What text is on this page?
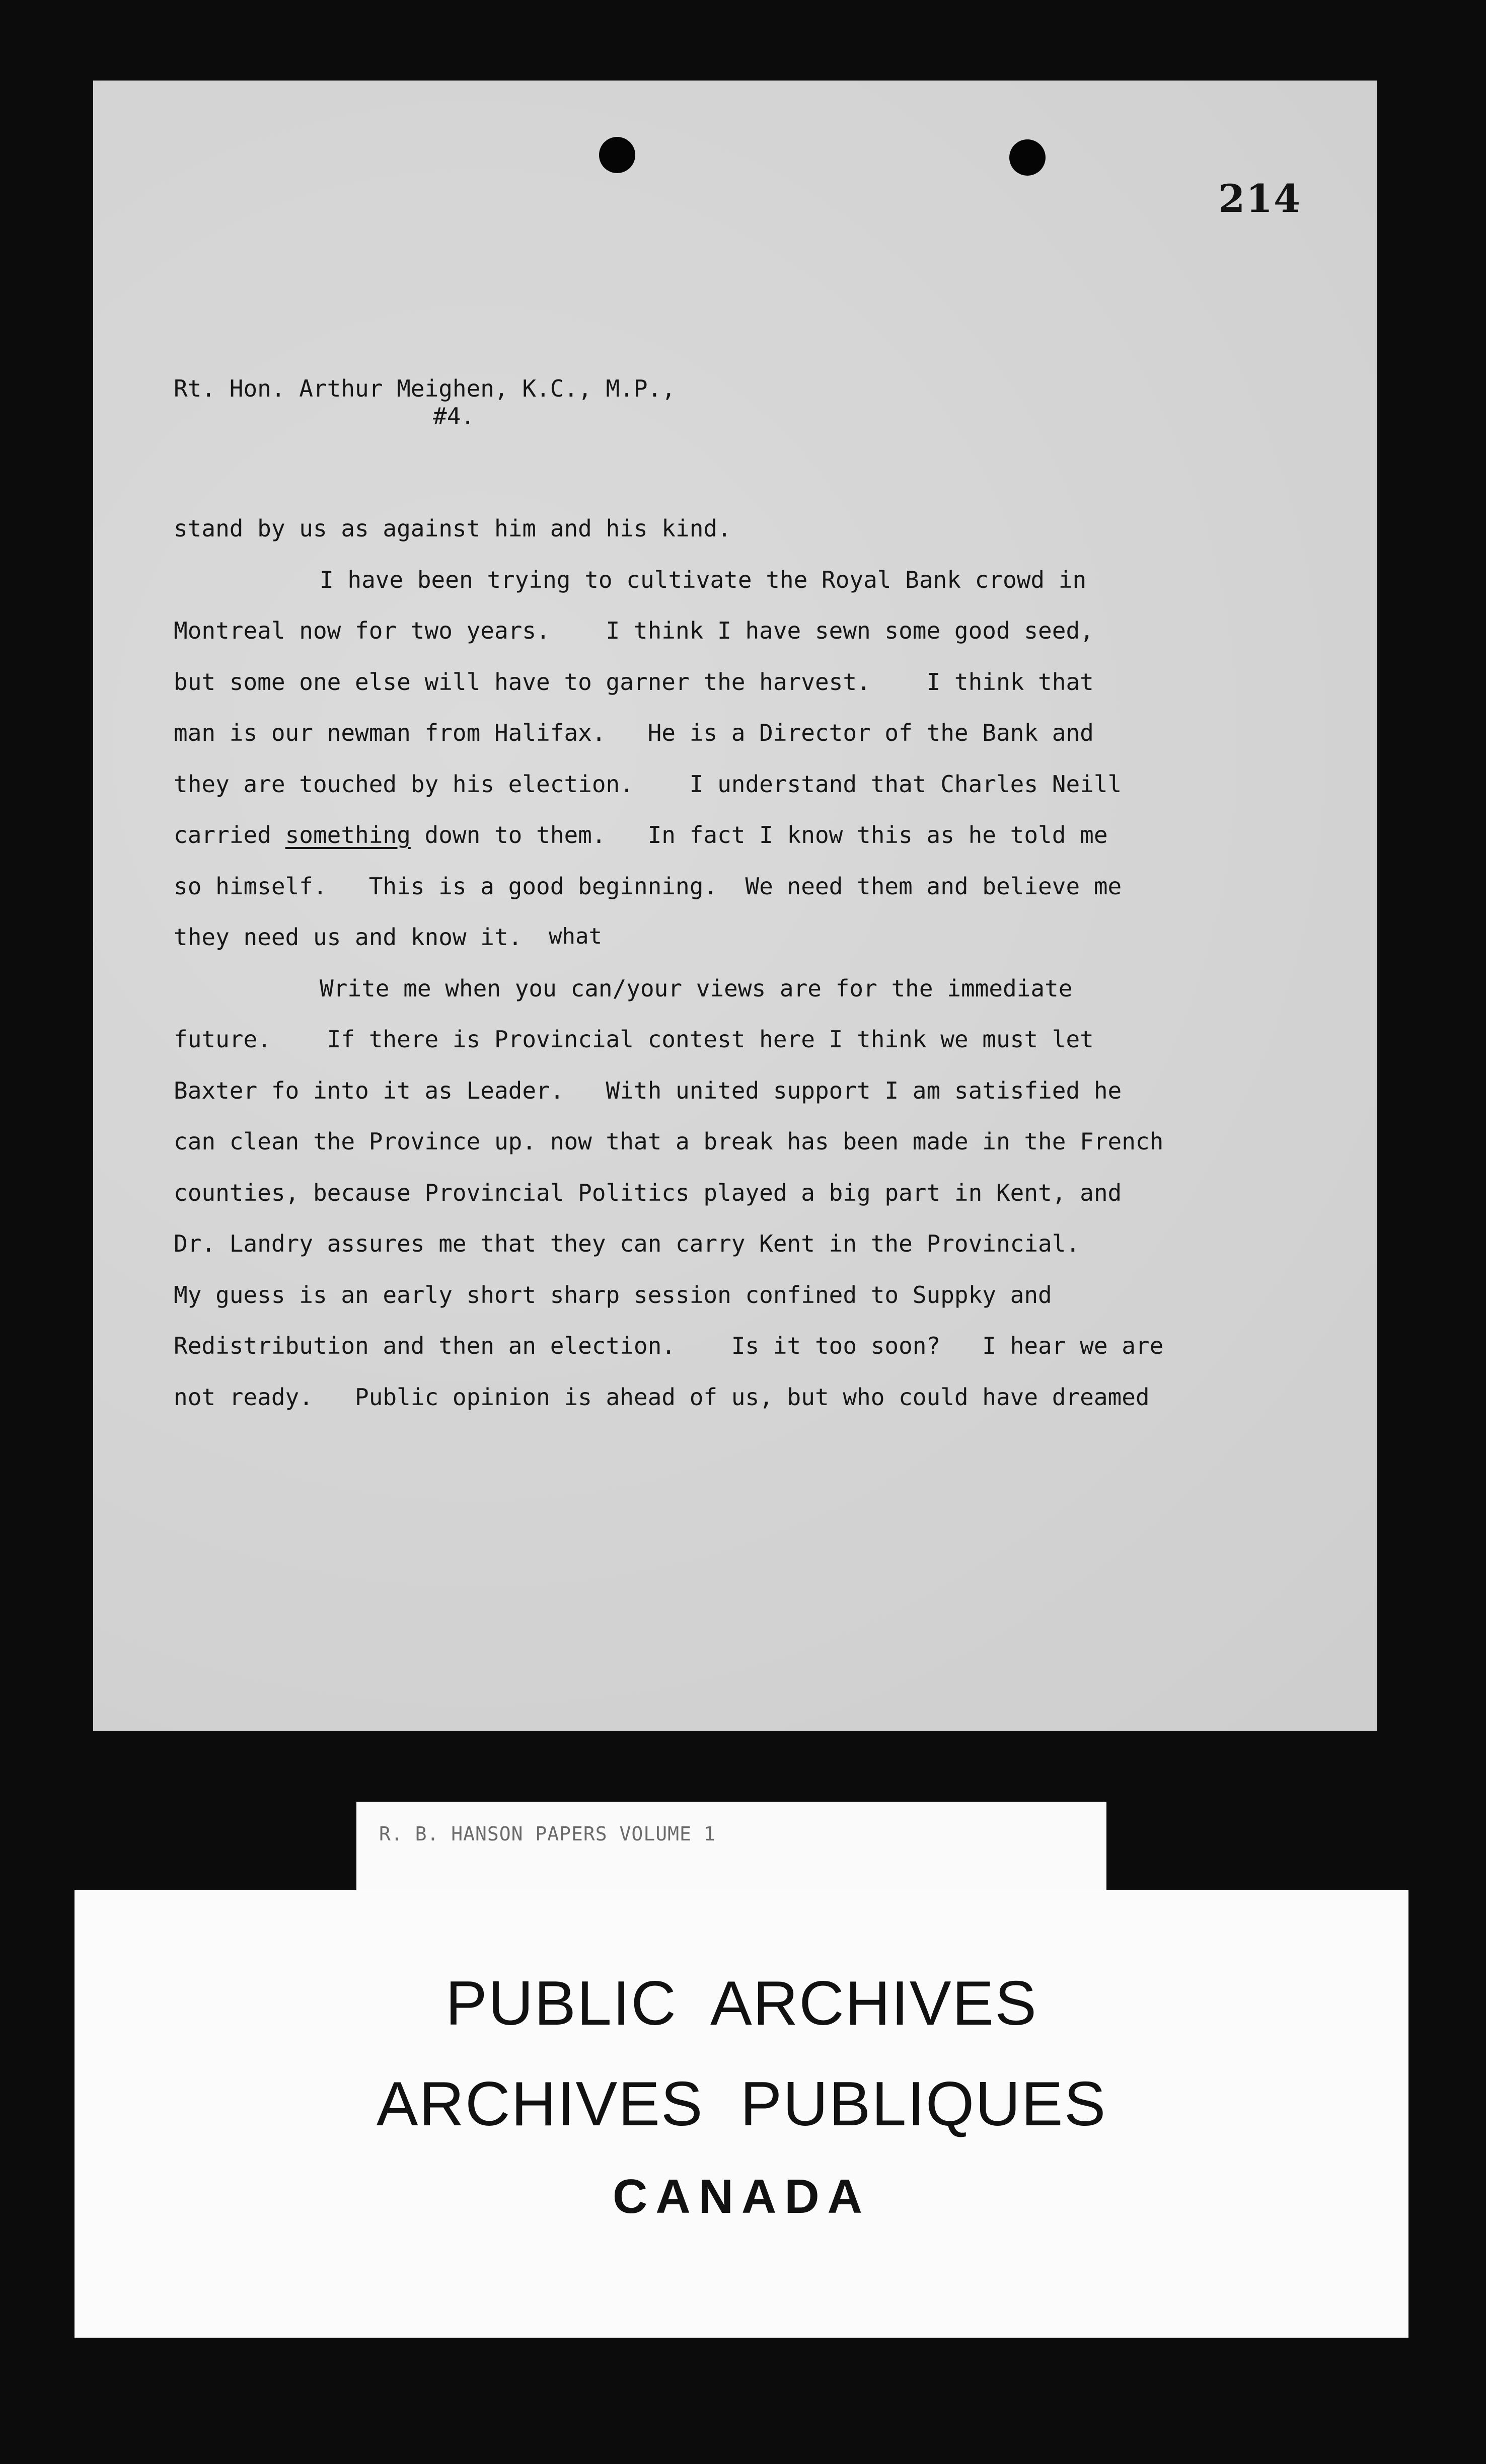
214
Rt. Hon. Arthur Meighen, K.C., M.P.,
#4.
what
stand by us as against him and his kind.
I have been trying to cultivate the Royal Bank crowd in
Montreal now for two years.    I think I have sewn some good seed,
but some one else will have to garner the harvest.    I think that
man is our newman from Halifax.   He is a Director of the Bank and
they are touched by his election.    I understand that Charles Neill
carried something down to them.   In fact I know this as he told me
so himself.   This is a good beginning.  We need them and believe me
they need us and know it.
Write me when you can/your views are for the immediate
future.    If there is Provincial contest here I think we must let
Baxter fo into it as Leader.   With united support I am satisfied he
can clean the Province up. now that a break has been made in the French
counties, because Provincial Politics played a big part in Kent, and
Dr. Landry assures me that they can carry Kent in the Provincial.
My guess is an early short sharp session confined to Suppky and
Redistribution and then an election.    Is it too soon?   I hear we are
not ready.   Public opinion is ahead of us, but who could have dreamed
R. B. HANSON PAPERS VOLUME 1
PUBLIC  ARCHIVES
ARCHIVES  PUBLIQUES
CANADA
